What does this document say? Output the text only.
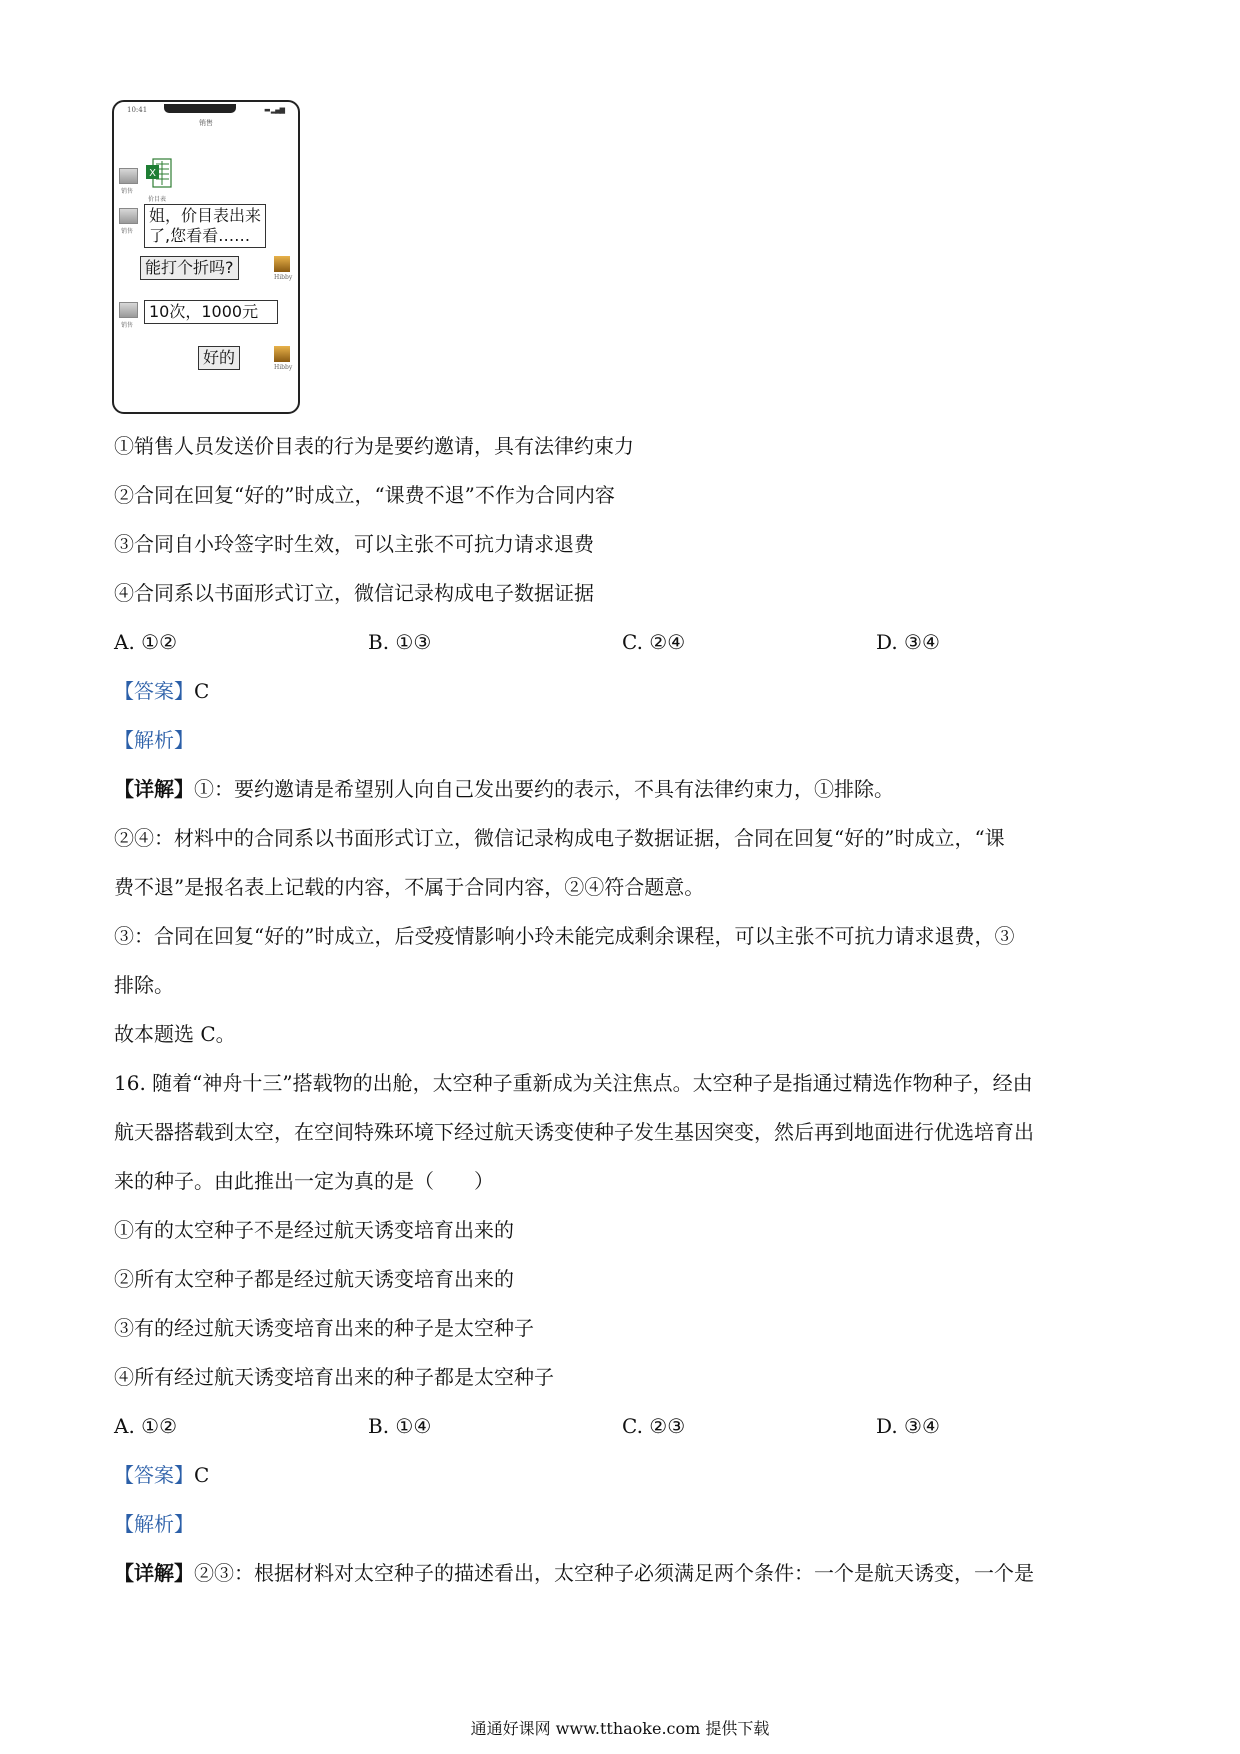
10:41	▬ ▂▄▆
销售
销售
X
价目表
销售
姐，价目表出来
了,您看看……
能打个折吗?
Hibby
销售
10次，1000元
好的
Hibby
①销售人员发送价目表的行为是要约邀请，具有法律约束力
②合同在回复“好的”时成立，“课费不退”不作为合同内容
③合同自小玲签字时生效，可以主张不可抗力请求退费
④合同系以书面形式订立，微信记录构成电子数据证据
A. ①②	B. ①③	C. ②④	D. ③④
【答案】C
【解析】
【详解】①：要约邀请是希望别人向自己发出要约的表示，不具有法律约束力，①排除。
②④：材料中的合同系以书面形式订立，微信记录构成电子数据证据，合同在回复“好的”时成立，“课
费不退”是报名表上记载的内容，不属于合同内容，②④符合题意。
③：合同在回复“好的”时成立，后受疫情影响小玲未能完成剩余课程，可以主张不可抗力请求退费，③
排除。
故本题选 C。
16. 随着“神舟十三”搭载物的出舱，太空种子重新成为关注焦点。太空种子是指通过精选作物种子，经由
航天器搭载到太空，在空间特殊环境下经过航天诱变使种子发生基因突变，然后再到地面进行优选培育出
来的种子。由此推出一定为真的是（　　）
①有的太空种子不是经过航天诱变培育出来的
②所有太空种子都是经过航天诱变培育出来的
③有的经过航天诱变培育出来的种子是太空种子
④所有经过航天诱变培育出来的种子都是太空种子
A. ①②	B. ①④	C. ②③	D. ③④
【答案】C
【解析】
【详解】②③：根据材料对太空种子的描述看出，太空种子必须满足两个条件：一个是航天诱变，一个是
通通好课网 www.tthaoke.com 提供下载
